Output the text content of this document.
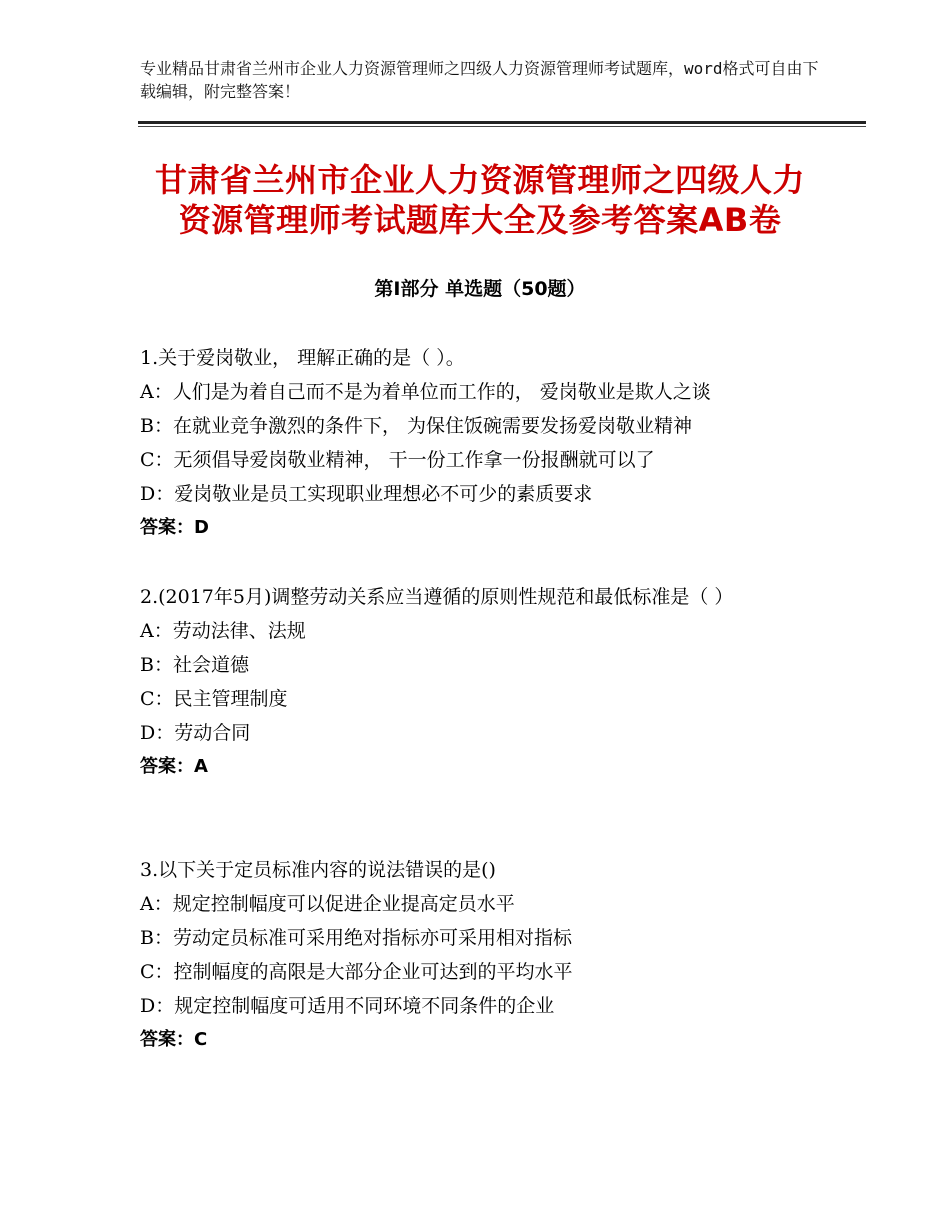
专业精品甘肃省兰州市企业人力资源管理师之四级人力资源管理师考试题库，word格式可自由下载编辑，附完整答案！
甘肃省兰州市企业人力资源管理师之四级人力资源管理师考试题库大全及参考答案AB卷
第Ⅰ部分 单选题（50题）

1.关于爱岗敬业， 理解正确的是（ ）。

A：人们是为着自己而不是为着单位而工作的， 爱岗敬业是欺人之谈

B：在就业竞争激烈的条件下， 为保住饭碗需要发扬爱岗敬业精神

C：无须倡导爱岗敬业精神， 干一份工作拿一份报酬就可以了

D：爱岗敬业是员工实现职业理想必不可少的素质要求

答案：D

2.(2017年5月)调整劳动关系应当遵循的原则性规范和最低标准是（ ）

A：劳动法律、法规

B：社会道德

C：民主管理制度

D：劳动合同

答案：A

3.以下关于定员标准内容的说法错误的是()

A：规定控制幅度可以促进企业提高定员水平

B：劳动定员标准可采用绝对指标亦可采用相对指标

C：控制幅度的高限是大部分企业可达到的平均水平

D：规定控制幅度可适用不同环境不同条件的企业

答案：C
